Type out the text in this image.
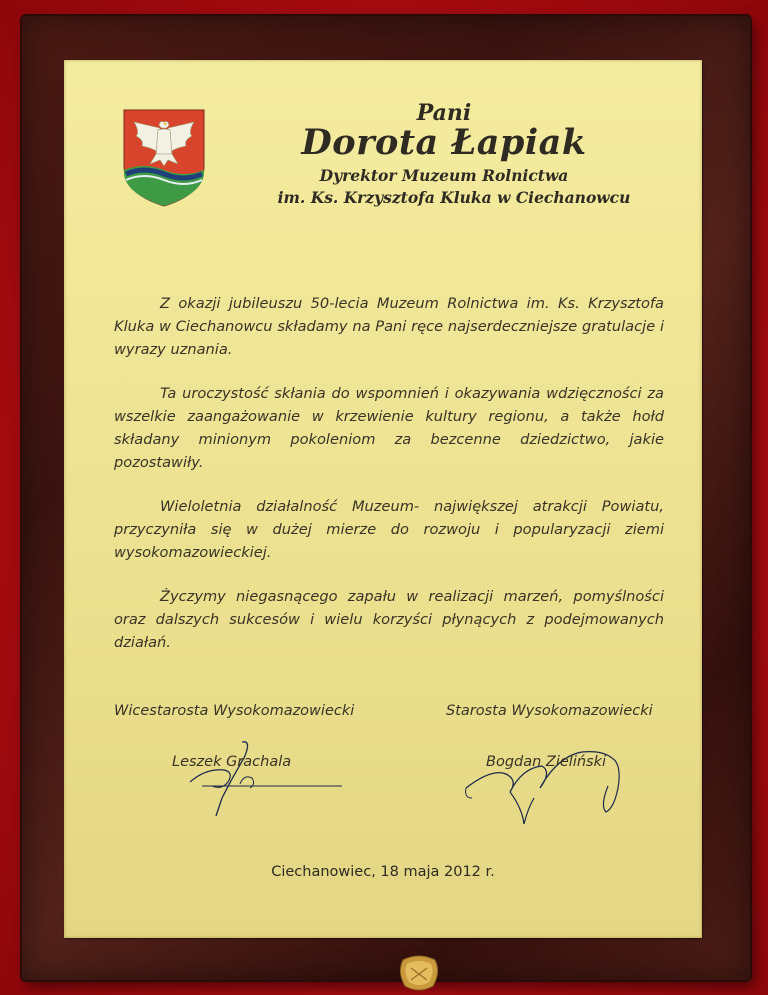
Pani
Dorota Łapiak
Dyrektor Muzeum Rolnictwa
im. Ks. Krzysztofa Kluka w Ciechanowcu

Z okazji jubileuszu 50-lecia Muzeum Rolnictwa im. Ks. Krzysztofa Kluka w Ciechanowcu składamy na Pani ręce najserdeczniejsze gratulacje i wyrazy uznania.

Ta uroczystość skłania do wspomnień i okazywania wdzięczności za wszelkie zaangażowanie w krzewienie kultury regionu, a także hołd składany minionym pokoleniom za bezcenne dziedzictwo, jakie pozostawiły.

Wieloletnia działalność Muzeum- największej atrakcji Powiatu, przyczyniła się w dużej mierze do rozwoju i popularyzacji ziemi wysokomazowieckiej.

Życzymy niegasnącego zapału w realizacji marzeń, pomyślności oraz dalszych sukcesów i wielu korzyści płynących z podejmowanych działań.

Wicestarosta Wysokomazowiecki	Starosta Wysokomazowiecki
Leszek Grachala	Bogdan Zieliński
Ciechanowiec, 18 maja 2012 r.
